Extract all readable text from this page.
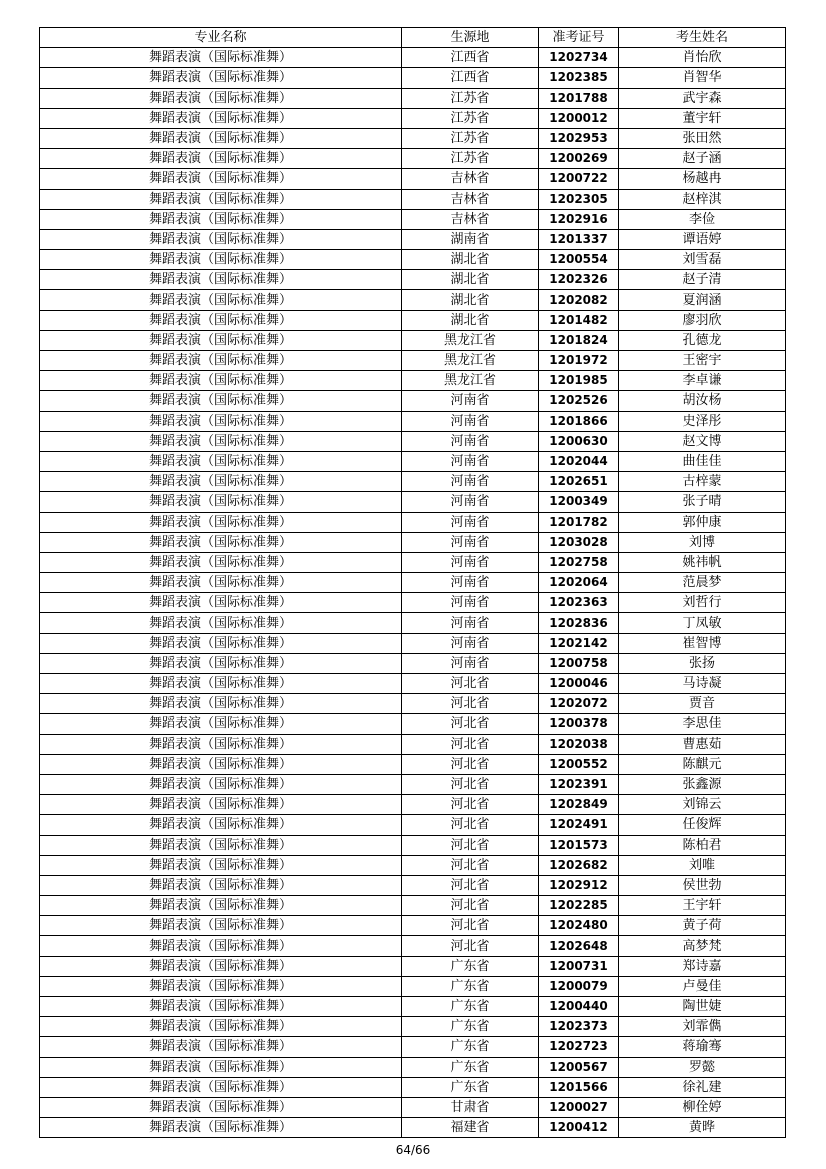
专业名称	生源地	准考证号	考生姓名
舞蹈表演（国际标准舞）	江西省	1202734	肖怡欣
舞蹈表演（国际标准舞）	江西省	1202385	肖智华
舞蹈表演（国际标准舞）	江苏省	1201788	武宇森
舞蹈表演（国际标准舞）	江苏省	1200012	董宇轩
舞蹈表演（国际标准舞）	江苏省	1202953	张田然
舞蹈表演（国际标准舞）	江苏省	1200269	赵子涵
舞蹈表演（国际标准舞）	吉林省	1200722	杨越冉
舞蹈表演（国际标准舞）	吉林省	1202305	赵梓淇
舞蹈表演（国际标准舞）	吉林省	1202916	李俭
舞蹈表演（国际标准舞）	湖南省	1201337	谭语婷
舞蹈表演（国际标准舞）	湖北省	1200554	刘雪磊
舞蹈表演（国际标准舞）	湖北省	1202326	赵子清
舞蹈表演（国际标准舞）	湖北省	1202082	夏润涵
舞蹈表演（国际标准舞）	湖北省	1201482	廖羽欣
舞蹈表演（国际标准舞）	黑龙江省	1201824	孔德龙
舞蹈表演（国际标准舞）	黑龙江省	1201972	王密宇
舞蹈表演（国际标准舞）	黑龙江省	1201985	李卓谦
舞蹈表演（国际标准舞）	河南省	1202526	胡汝杨
舞蹈表演（国际标准舞）	河南省	1201866	史泽彤
舞蹈表演（国际标准舞）	河南省	1200630	赵文博
舞蹈表演（国际标准舞）	河南省	1202044	曲佳佳
舞蹈表演（国际标准舞）	河南省	1202651	古梓蒙
舞蹈表演（国际标准舞）	河南省	1200349	张子晴
舞蹈表演（国际标准舞）	河南省	1201782	郭仲康
舞蹈表演（国际标准舞）	河南省	1203028	刘博
舞蹈表演（国际标准舞）	河南省	1202758	姚祎帆
舞蹈表演（国际标准舞）	河南省	1202064	范晨梦
舞蹈表演（国际标准舞）	河南省	1202363	刘哲行
舞蹈表演（国际标准舞）	河南省	1202836	丁凤敏
舞蹈表演（国际标准舞）	河南省	1202142	崔智博
舞蹈表演（国际标准舞）	河南省	1200758	张扬
舞蹈表演（国际标准舞）	河北省	1200046	马诗凝
舞蹈表演（国际标准舞）	河北省	1202072	贾音
舞蹈表演（国际标准舞）	河北省	1200378	李思佳
舞蹈表演（国际标准舞）	河北省	1202038	曹惠茹
舞蹈表演（国际标准舞）	河北省	1200552	陈麒元
舞蹈表演（国际标准舞）	河北省	1202391	张鑫源
舞蹈表演（国际标准舞）	河北省	1202849	刘锦云
舞蹈表演（国际标准舞）	河北省	1202491	任俊辉
舞蹈表演（国际标准舞）	河北省	1201573	陈柏君
舞蹈表演（国际标准舞）	河北省	1202682	刘唯
舞蹈表演（国际标准舞）	河北省	1202912	侯世勃
舞蹈表演（国际标准舞）	河北省	1202285	王宇轩
舞蹈表演（国际标准舞）	河北省	1202480	黄子荷
舞蹈表演（国际标准舞）	河北省	1202648	高梦梵
舞蹈表演（国际标准舞）	广东省	1200731	郑诗嘉
舞蹈表演（国际标准舞）	广东省	1200079	卢曼佳
舞蹈表演（国际标准舞）	广东省	1200440	陶世婕
舞蹈表演（国际标准舞）	广东省	1202373	刘霏儁
舞蹈表演（国际标准舞）	广东省	1202723	蒋瑜骞
舞蹈表演（国际标准舞）	广东省	1200567	罗懿
舞蹈表演（国际标准舞）	广东省	1201566	徐礼建
舞蹈表演（国际标准舞）	甘肃省	1200027	柳佺婷
舞蹈表演（国际标准舞）	福建省	1200412	黄晔
64/66
